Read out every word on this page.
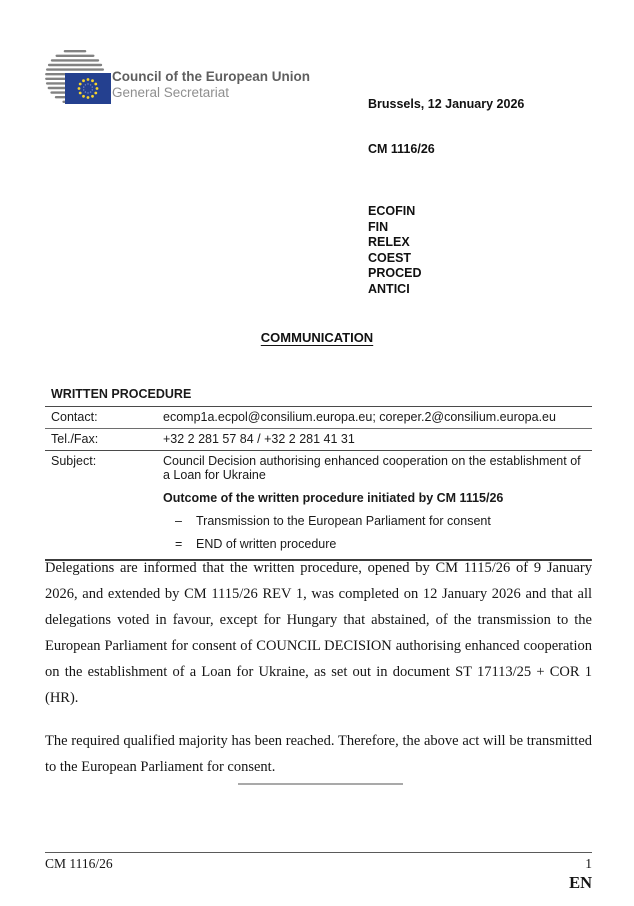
Council of the European Union
General Secretariat
Brussels, 12 January 2026
CM 1116/26
ECOFIN
FIN
RELEX
COEST
PROCED
ANTICI
COMMUNICATION
WRITTEN PROCEDURE
Contact:	ecomp1a.ecpol@consilium.europa.eu; coreper.2@consilium.europa.eu
Tel./Fax:	+32 2 281 57 84 / +32 2 281 41 31
Subject:	Council Decision authorising enhanced cooperation on the establishment of a Loan for Ukraine
Outcome of the written procedure initiated by CM 1115/26
–	Transmission to the European Parliament for consent
=	END of written procedure
Delegations are informed that the written procedure, opened by CM 1115/26 of 9 January 2026, and extended by CM 1115/26 REV 1, was completed on 12 January 2026 and that all delegations voted in favour, except for Hungary that abstained, of the transmission to the European Parliament for consent of COUNCIL DECISION authorising enhanced cooperation on the establishment of a Loan for Ukraine, as set out in document ST 17113/25 + COR 1 (HR).
The required qualified majority has been reached. Therefore, the above act will be transmitted to the European Parliament for consent.
CM 1116/26	1
EN
